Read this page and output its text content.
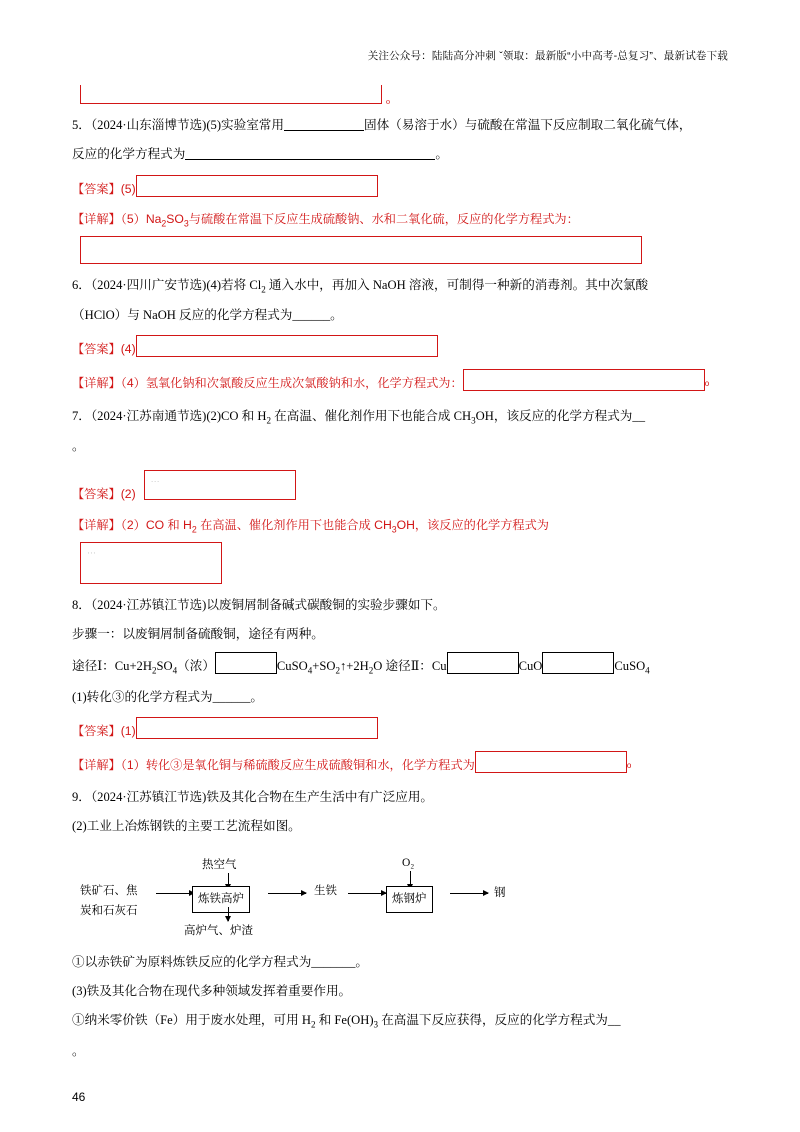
关注公众号：陆陆高分冲刺 ˇ领取：最新版“小中高考-总复习”、最新试卷下载
o

5．（2024·山东淄博节选)(5)实验室常用	固体（易溶于水）与硫酸在常温下反应制取二氧化硫气体，

反应的化学方程式为	。

【答案】(5)

【详解】$(5)Na_2SO_3$与硫酸在常温下反应生成硫酸钠、水和二氧化硫，反应的化学方程式为：

6．（2024·四川广安节选)(4)若将 $Cl_2$ 通入水中，再加入 NaOH 溶液，可制得一种新的消毒剂。其中次氯酸

（HClO）与 NaOH 反应的化学方程式为______。

【答案】(4)

【详解】（4）氢氧化钠和次氯酸反应生成次氯酸钠和水，化学方程式为：	o

7．（2024·江苏南通节选)(2)CO 和 $H_2$ 在高温、催化剂作用下也能合成 $CH_3OH$，该反应的化学方程式为__

。

【答案】(2)···

【详解】（2）CO 和 $H_2$ 在高温、催化剂作用下也能合成 $CH_3OH$，该反应的化学方程式为

···

8．（2024·江苏镇江节选)以废铜屑制备碱式碳酸铜的实验步骤如下。

步骤一：以废铜屑制备硫酸铜，途径有两种。

途径Ⅰ：$Cu+2H_2SO_4$（浓）	$CuSO_4+SO_2↑+2H_2O$ 途径Ⅱ：Cu	CuO	CuSO$_4$

(1)转化③的化学方程式为______。

【答案】(1)

【详解】（1）转化③是氧化铜与稀硫酸反应生成硫酸铜和水，化学方程式为	o

9．（2024·江苏镇江节选)铁及其化合物在生产生活中有广泛应用。

(2)工业上冶炼钢铁的主要工艺流程如图。

铁矿石、焦
炭和石灰石
热空气
炼铁高炉
高炉气、炉渣
生铁
O₂
炼钢炉	钢

①以赤铁矿为原料炼铁反应的化学方程式为_______。

(3)铁及其化合物在现代多种领域发挥着重要作用。

①纳米零价铁（Fe）用于废水处理，可用 $H_2$ 和 $Fe(OH)_3$ 在高温下反应获得，反应的化学方程式为__

。

46
